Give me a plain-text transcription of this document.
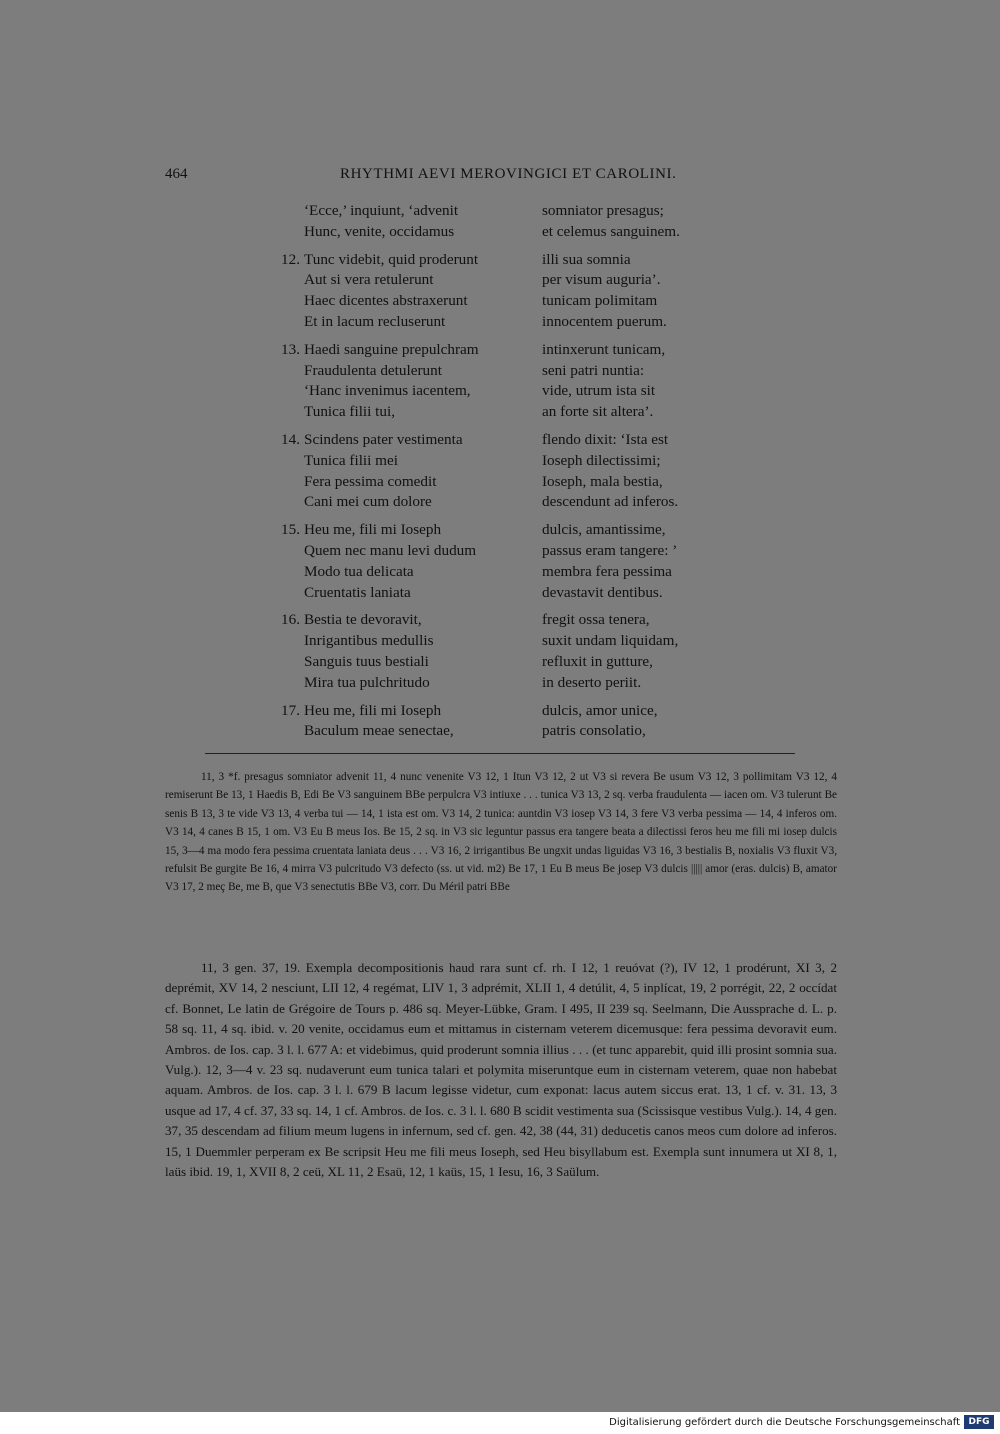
464	RHYTHMI AEVI MEROVINGICI ET CAROLINI.
‘Ecce,’ inquiunt, ‘advenit	somniator presagus;
Hunc, venite, occidamus	et celemus sanguinem.
12. Tunc videbit, quid proderunt	illi sua somnia
Aut si vera retulerunt	per visum auguria’.
Haec dicentes abstraxerunt	tunicam polimitam
Et in lacum recluserunt	innocentem puerum.
13. Haedi sanguine prepulchram	intinxerunt tunicam,
Fraudulenta detulerunt	seni patri nuntia:
‘Hanc invenimus iacentem,	vide, utrum ista sit
Tunica filii tui,	an forte sit altera’.
14. Scindens pater vestimenta	flendo dixit: ‘Ista est
Tunica filii mei	Ioseph dilectissimi;
Fera pessima comedit	Ioseph, mala bestia,
Cani mei cum dolore	descendunt ad inferos.
15. Heu me, fili mi Ioseph	dulcis, amantissime,
Quem nec manu levi dudum	passus eram tangere: ’
Modo tua delicata	membra fera pessima
Cruentatis laniata	devastavit dentibus.
16. Bestia te devoravit,	fregit ossa tenera,
Inrigantibus medullis	suxit undam liquidam,
Sanguis tuus bestiali	refluxit in gutture,
Mira tua pulchritudo	in deserto periit.
17. Heu me, fili mi Ioseph	dulcis, amor unice,
Baculum meae senectae,	patris consolatio,

11, 3 *f. presagus somniator advenit 11, 4 nunc venenite V3 12, 1 Itun V3 12, 2 ut V3 si revera Be usum V3 12, 3 pollimitam V3 12, 4 remiserunt Be 13, 1 Haedis B, Edi Be V3 sanguinem BBe perpulcra V3 intiuxe . . . tunica V3 13, 2 sq. verba fraudulenta — iacen om. V3 tulerunt Be senis B 13, 3 te vide V3 13, 4 verba tui — 14, 1 ista est om. V3 14, 2 tunica: auntdin V3 iosep V3 14, 3 fere V3 verba pessima — 14, 4 inferos om. V3 14, 4 canes B 15, 1 om. V3 Eu B meus Ios. Be 15, 2 sq. in V3 sic leguntur passus era tangere beata a dilectissi feros heu me fili mi iosep dulcis 15, 3—4 ma modo fera pessima cruentata laniata deus . . . V3 16, 2 irrigantibus Be ungxit undas liguidas V3 16, 3 bestialis B, noxialis V3 fluxit V3, refulsit Be gurgite Be 16, 4 mirra V3 pulcritudo V3 defecto (ss. ut vid. m2) Be 17, 1 Eu B meus Be josep V3 dulcis ||||| amor (eras. dulcis) B, amator V3 17, 2 meç Be, me B, que V3 senectutis BBe V3, corr. Du Méril patri BBe

11, 3 gen. 37, 19. Exempla decompositionis haud rara sunt cf. rh. I 12, 1 reuóvat (?), IV 12, 1 prodérunt, XI 3, 2 deprémit, XV 14, 2 nesciunt, LII 12, 4 regémat, LIV 1, 3 adprémit, XLII 1, 4 detúlit, 4, 5 inplícat, 19, 2 porrégit, 22, 2 occídat cf. Bonnet, Le latin de Grégoire de Tours p. 486 sq. Meyer-Lübke, Gram. I 495, II 239 sq. Seelmann, Die Aussprache d. L. p. 58 sq. 11, 4 sq. ibid. v. 20 venite, occidamus eum et mittamus in cisternam veterem dicemusque: fera pessima devoravit eum. Ambros. de Ios. cap. 3 l. l. 677 A: et videbimus, quid proderunt somnia illius . . . (et tunc apparebit, quid illi prosint somnia sua. Vulg.). 12, 3—4 v. 23 sq. nudaverunt eum tunica talari et polymita miseruntque eum in cisternam veterem, quae non habebat aquam. Ambros. de Ios. cap. 3 l. l. 679 B lacum legisse videtur, cum exponat: lacus autem siccus erat. 13, 1 cf. v. 31. 13, 3 usque ad 17, 4 cf. 37, 33 sq. 14, 1 cf. Ambros. de Ios. c. 3 l. l. 680 B scidit vestimenta sua (Scissisque vestibus Vulg.). 14, 4 gen. 37, 35 descendam ad filium meum lugens in infernum, sed cf. gen. 42, 38 (44, 31) deducetis canos meos cum dolore ad inferos. 15, 1 Duemmler perperam ex Be scripsit Heu me fili meus Ioseph, sed Heu bisyllabum est. Exempla sunt innumera ut XI 8, 1, laüs ibid. 19, 1, XVII 8, 2 ceü, XL 11, 2 Esaü, 12, 1 kaüs, 15, 1 Iesu, 16, 3 Saülum.

Digitalisierung gefördert durch die Deutsche Forschungsgemeinschaft DFG
